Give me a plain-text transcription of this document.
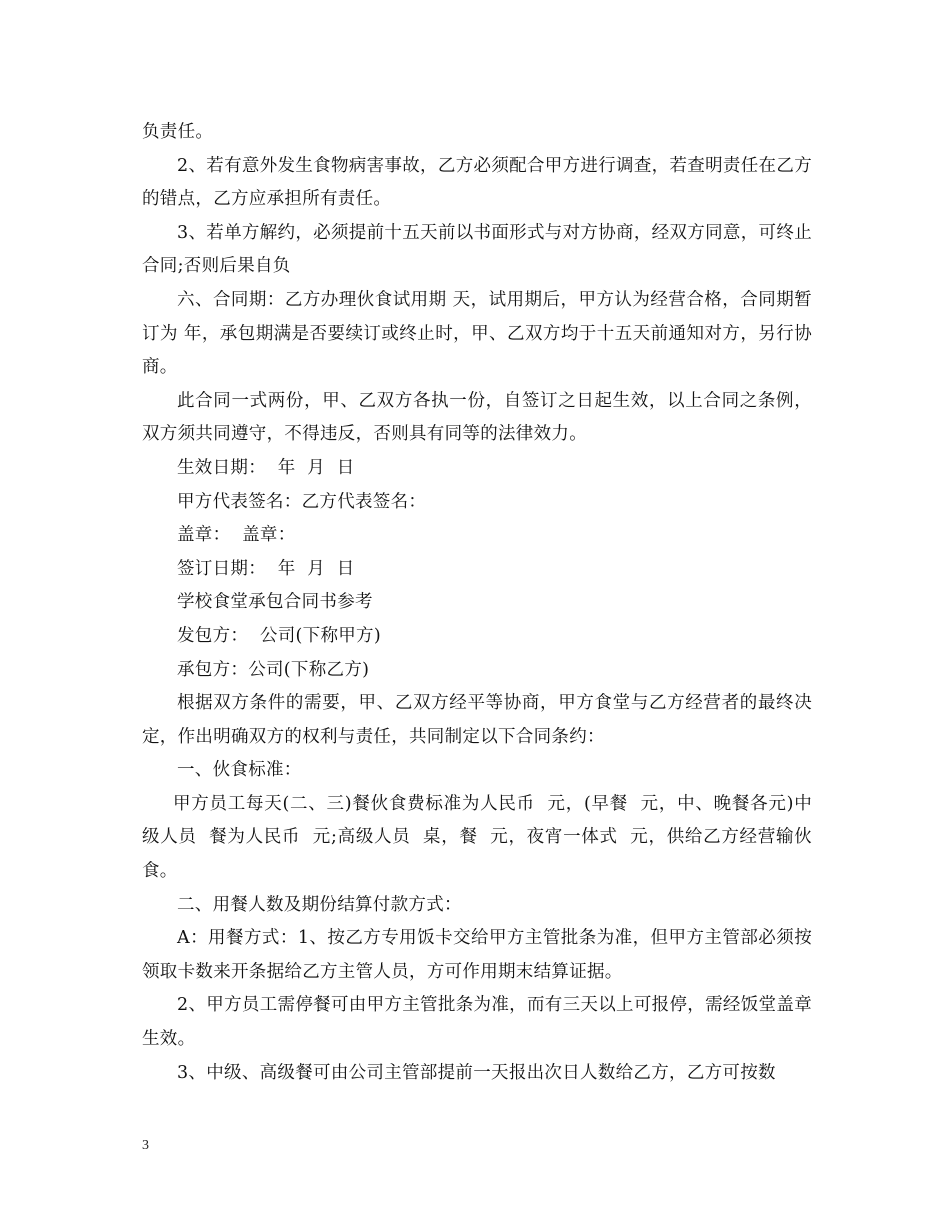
负责任。

2、若有意外发生食物病害事故，乙方必须配合甲方进行调查，若查明责任在乙方的错点，乙方应承担所有责任。

3、若单方解约，必须提前十五天前以书面形式与对方协商，经双方同意，可终止合同;否则后果自负

六、合同期：乙方办理伙食试用期 天，试用期后，甲方认为经营合格，合同期暂订为 年，承包期满是否要续订或终止时，甲、乙双方均于十五天前通知对方，另行协商。

此合同一式两份，甲、乙双方各执一份，自签订之日起生效，以上合同之条例，双方须共同遵守，不得违反，否则具有同等的法律效力。

生效日期：  年  月  日

甲方代表签名：乙方代表签名：

盖章：  盖章：

签订日期：  年  月  日

学校食堂承包合同书参考

发包方：  公司(下称甲方)

承包方：公司(下称乙方)

根据双方条件的需要，甲、乙双方经平等协商，甲方食堂与乙方经营者的最终决定，作出明确双方的权利与责任，共同制定以下合同条约：

一、伙食标准：

甲方员工每天(二、三)餐伙食费标准为人民币  元，(早餐  元，中、晚餐各元)中级人员  餐为人民币  元;高级人员  桌，餐  元，夜宵一体式  元，供给乙方经营输伙食。

二、用餐人数及期份结算付款方式：

A：用餐方式：1、按乙方专用饭卡交给甲方主管批条为准，但甲方主管部必须按领取卡数来开条据给乙方主管人员，方可作用期末结算证据。

2、甲方员工需停餐可由甲方主管批条为准，而有三天以上可报停，需经饭堂盖章生效。

3、中级、高级餐可由公司主管部提前一天报出次日人数给乙方，乙方可按数

3
